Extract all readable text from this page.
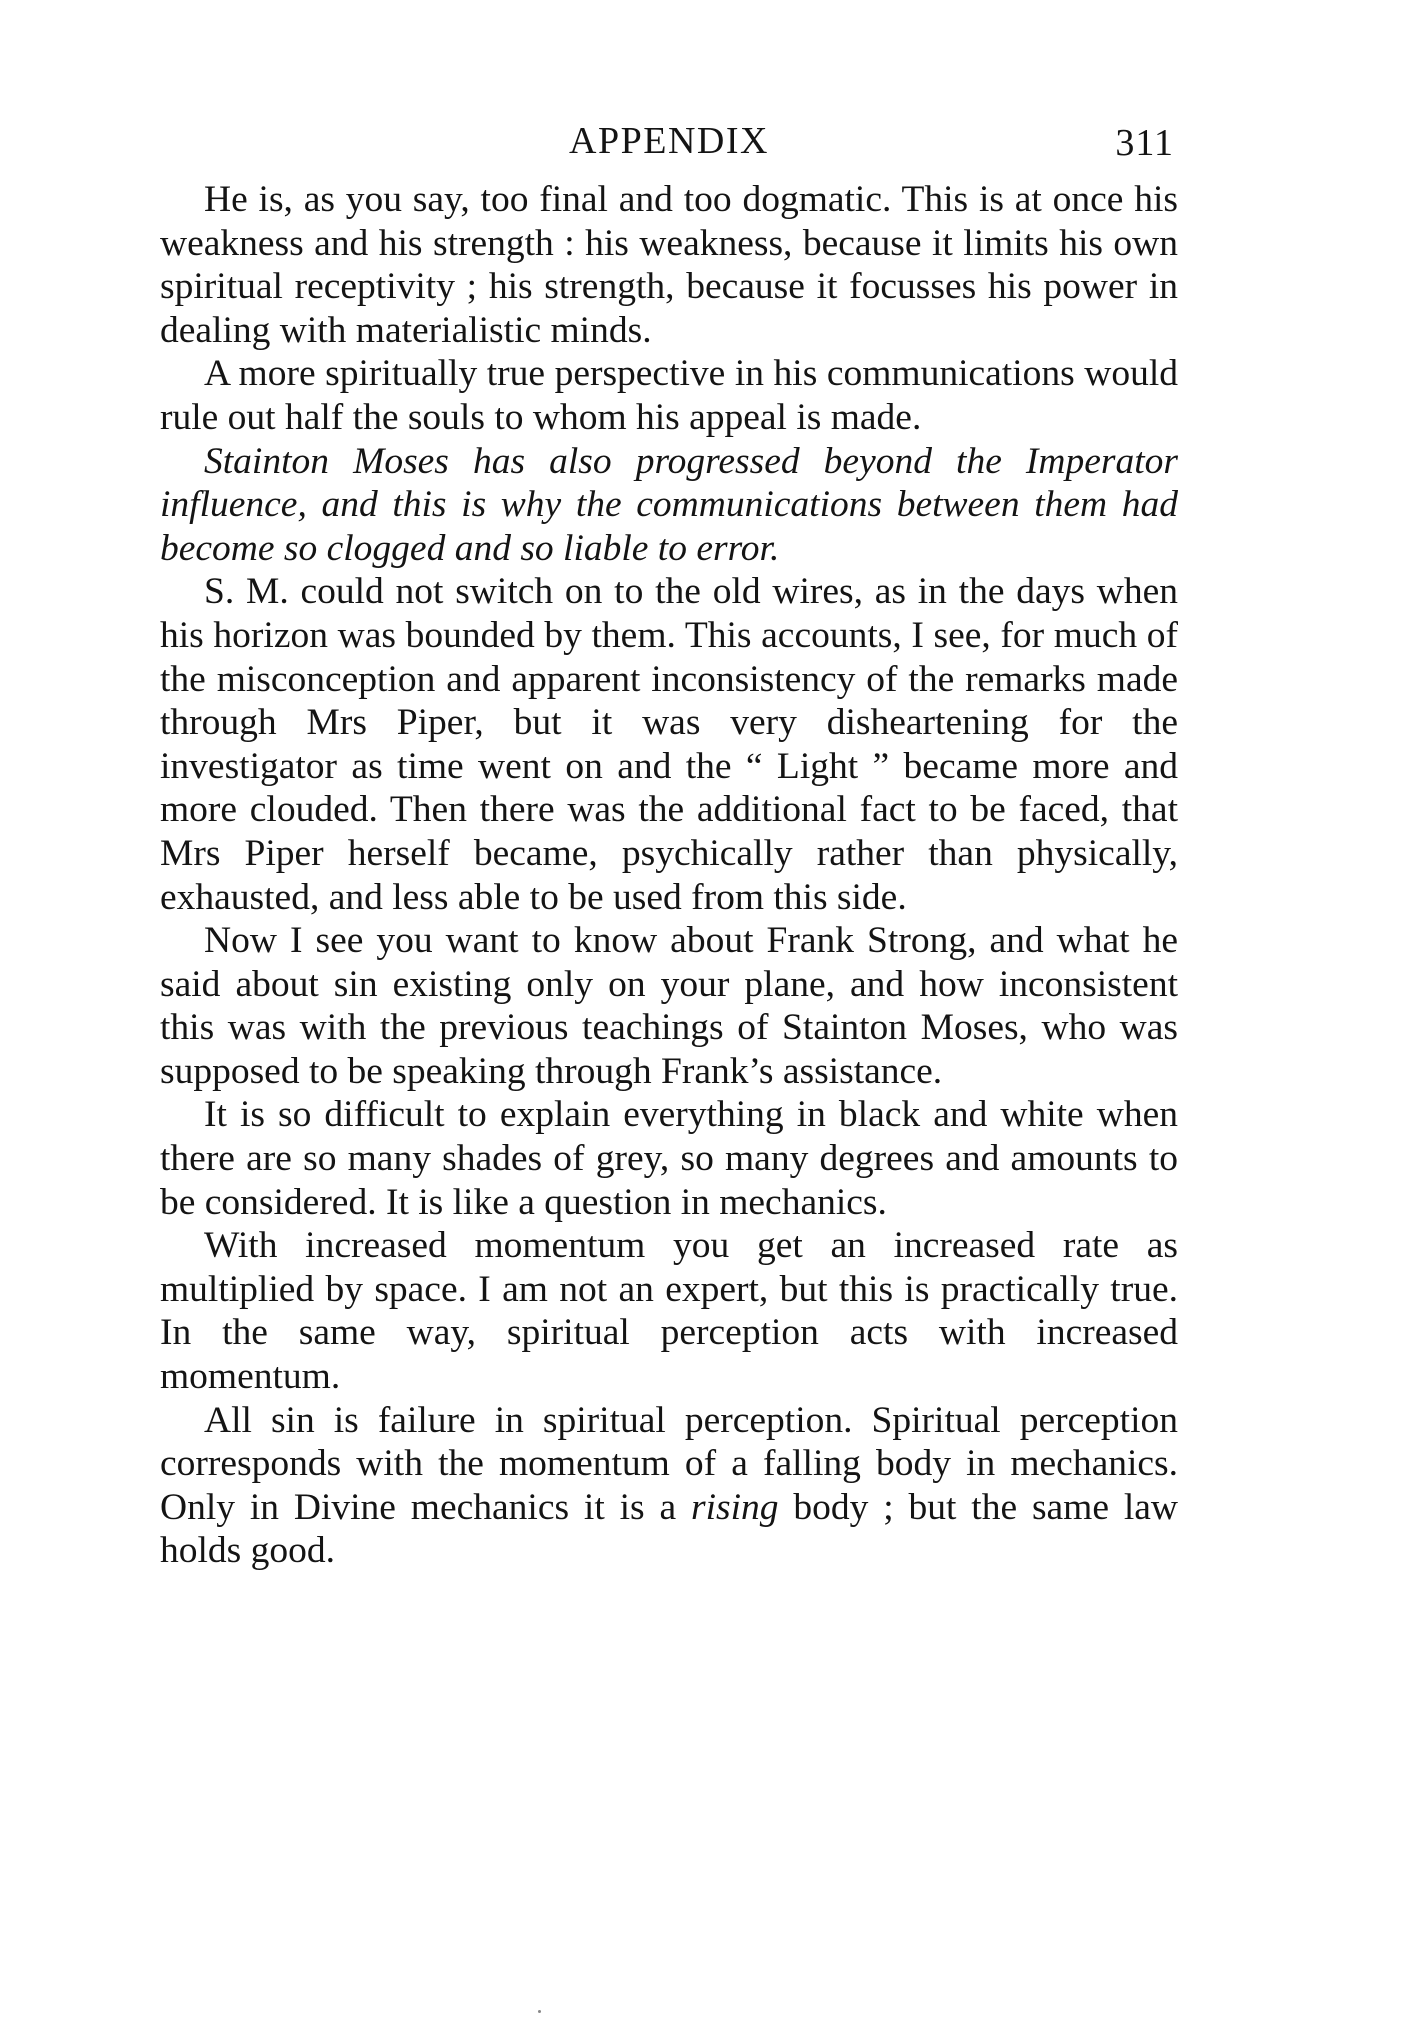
APPENDIX	311

He is, as you say, too final and too dogmatic. This is at once his weakness and his strength : his weakness, because it limits his own spiritual receptivity ; his strength, because it focusses his power in dealing with materialistic minds.

A more spiritually true perspective in his communications would rule out half the souls to whom his appeal is made.

Stainton Moses has also progressed beyond the Imperator influence, and this is why the communications between them had become so clogged and so liable to error.

S. M. could not switch on to the old wires, as in the days when his horizon was bounded by them. This accounts, I see, for much of the misconception and apparent inconsistency of the remarks made through Mrs Piper, but it was very disheartening for the investigator as time went on and the “ Light ” became more and more clouded. Then there was the additional fact to be faced, that Mrs Piper herself became, psychically rather than physically, exhausted, and less able to be used from this side.

Now I see you want to know about Frank Strong, and what he said about sin existing only on your plane, and how inconsistent this was with the previous teachings of Stainton Moses, who was supposed to be speaking through Frank’s assistance.

It is so difficult to explain everything in black and white when there are so many shades of grey, so many degrees and amounts to be considered. It is like a question in mechanics.

With increased momentum you get an increased rate as multiplied by space. I am not an expert, but this is practically true. In the same way, spiritual perception acts with increased momentum.

All sin is failure in spiritual perception. Spiritual perception corresponds with the momentum of a falling body in mechanics. Only in Divine mechanics it is a rising body ; but the same law holds good.
